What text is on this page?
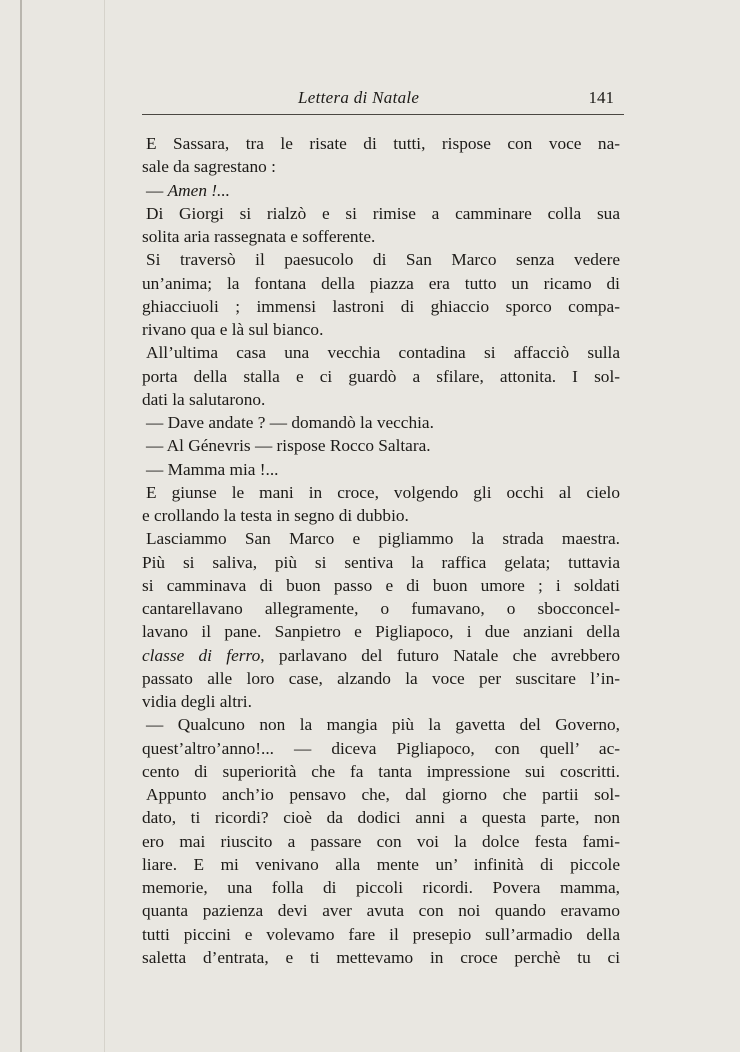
Lettera di Natale	141
E Sassara, tra le risate di tutti, rispose con voce na-
sale da sagrestano :
— Amen !...
Di Giorgi si rialzò e si rimise a camminare colla sua
solita aria rassegnata e sofferente.
Si traversò il paesucolo di San Marco senza vedere
un’anima; la fontana della piazza era tutto un ricamo di
ghiacciuoli ; immensi lastroni di ghiaccio sporco compa-
rivano qua e là sul bianco.
All’ultima casa una vecchia contadina si affacciò sulla
porta della stalla e ci guardò a sfilare, attonita. I sol-
dati la salutarono.
— Dave andate ? — domandò la vecchia.
— Al Génevris — rispose Rocco Saltara.
— Mamma mia !...
E giunse le mani in croce, volgendo gli occhi al cielo
e crollando la testa in segno di dubbio.
Lasciammo San Marco e pigliammo la strada maestra.
Più si saliva, più si sentiva la raffica gelata; tuttavia
si camminava di buon passo e di buon umore ; i soldati
cantarellavano allegramente, o fumavano, o sbocconcel-
lavano il pane. Sanpietro e Pigliapoco, i due anziani della
classe di ferro, parlavano del futuro Natale che avrebbero
passato alle loro case, alzando la voce per suscitare l’in-
vidia degli altri.
— Qualcuno non la mangia più la gavetta del Governo,
quest’altro’anno!... — diceva Pigliapoco, con quell’ ac-
cento di superiorità che fa tanta impressione sui coscritti.
Appunto anch’io pensavo che, dal giorno che partii sol-
dato, ti ricordi? cioè da dodici anni a questa parte, non
ero mai riuscito a passare con voi la dolce festa fami-
liare. E mi venivano alla mente un’ infinità di piccole
memorie, una folla di piccoli ricordi. Povera mamma,
quanta pazienza devi aver avuta con noi quando eravamo
tutti piccini e volevamo fare il presepio sull’armadio della
saletta d’entrata, e ti mettevamo in croce perchè tu ci
